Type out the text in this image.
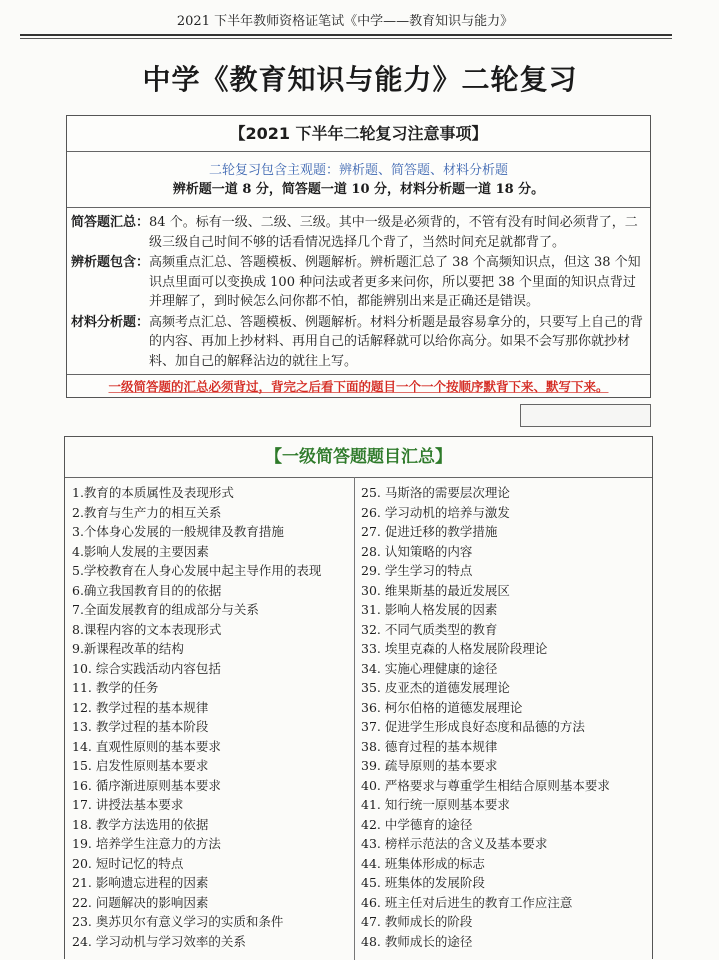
2021 下半年教师资格证笔试《中学——教育知识与能力》
中学《教育知识与能力》二轮复习
【2021 下半年二轮复习注意事项】
二轮复习包含主观题：辨析题、简答题、材料分析题
辨析题一道 8 分，简答题一道 10 分，材料分析题一道 18 分。
简答题汇总： 84 个。标有一级、二级、三级。其中一级是必须背的，不管有没有时间必须背了，二级三级自己时间不够的话看情况选择几个背了，当然时间充足就都背了。
辨析题包含： 高频重点汇总、答题模板、例题解析。辨析题汇总了 38 个高频知识点，但这 38 个知识点里面可以变换成 100 种问法或者更多来问你，所以要把 38 个里面的知识点背过并理解了，到时候怎么问你都不怕，都能辨别出来是正确还是错误。
材料分析题： 高频考点汇总、答题模板、例题解析。材料分析题是最容易拿分的，只要写上自己的背的内容、再加上抄材料、再用自己的话解释就可以给你高分。如果不会写那你就抄材料、加自己的解释沾边的就往上写。
一级简答题的汇总必须背过，背完之后看下面的题目一个一个按顺序默背下来、默写下来。
【一级简答题题目汇总】
1.教育的本质属性及表现形式
2.教育与生产力的相互关系
3.个体身心发展的一般规律及教育措施
4.影响人发展的主要因素
5.学校教育在人身心发展中起主导作用的表现
6.确立我国教育目的的依据
7.全面发展教育的组成部分与关系
8.课程内容的文本表现形式
9.新课程改革的结构
10. 综合实践活动内容包括
11. 教学的任务
12. 教学过程的基本规律
13. 教学过程的基本阶段
14. 直观性原则的基本要求
15. 启发性原则基本要求
16. 循序渐进原则基本要求
17. 讲授法基本要求
18. 教学方法选用的依据
19. 培养学生注意力的方法
20. 短时记忆的特点
21. 影响遗忘进程的因素
22. 问题解决的影响因素
23. 奥苏贝尔有意义学习的实质和条件
24. 学习动机与学习效率的关系
25. 马斯洛的需要层次理论
26. 学习动机的培养与激发
27. 促进迁移的教学措施
28. 认知策略的内容
29. 学生学习的特点
30. 维果斯基的最近发展区
31. 影响人格发展的因素
32. 不同气质类型的教育
33. 埃里克森的人格发展阶段理论
34. 实施心理健康的途径
35. 皮亚杰的道德发展理论
36. 柯尔伯格的道德发展理论
37. 促进学生形成良好态度和品德的方法
38. 德育过程的基本规律
39. 疏导原则的基本要求
40. 严格要求与尊重学生相结合原则基本要求
41. 知行统一原则基本要求
42. 中学德育的途径
43. 榜样示范法的含义及基本要求
44. 班集体形成的标志
45. 班集体的发展阶段
46. 班主任对后进生的教育工作应注意
47. 教师成长的阶段
48. 教师成长的途径
